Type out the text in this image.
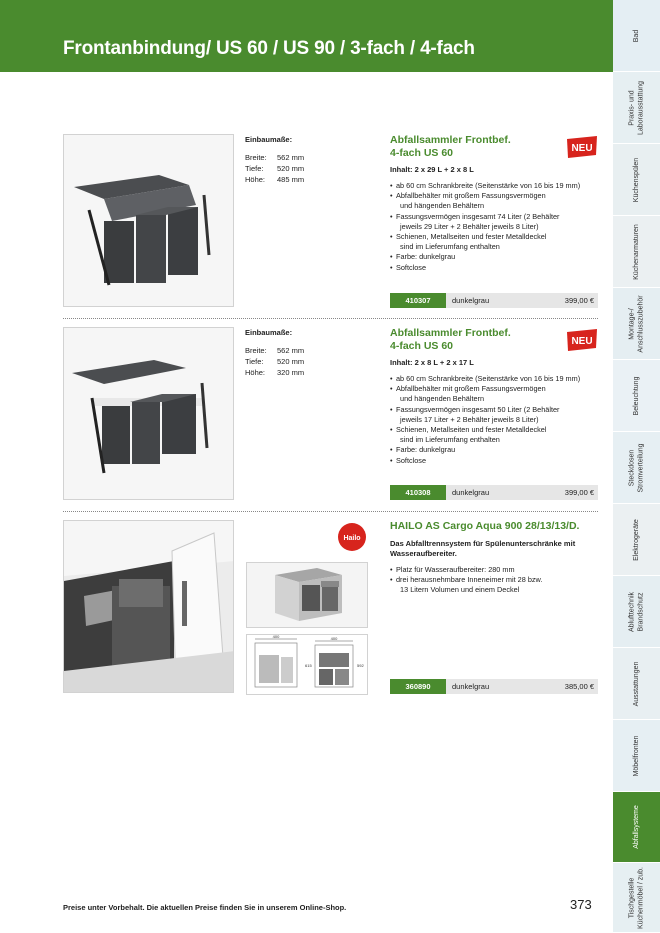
Frontanbindung/ US 60 / US 90 / 3-fach / 4-fach
Bad
Praxis- und
Laborausstattung
Küchenspülen
Küchenarmaturen
Montage-/
Anschlusszubehör
Beleuchtung
Steckdosen
Stromverteilung
Elektrogeräte
Ablufttechnik
Brandschutz
Ausstattungen
Möbelfronten
Abfallsysteme
Tischgestelle
Küchenmöbel / zub.
Einbaumaße:
Breite:	562 mm
Tiefe:	520 mm
Höhe:	485 mm
Abfallsammler Frontbef.
4-fach US 60
Inhalt: 2 x 29 L + 2 x 8 L
• ab 60 cm Schrankbreite (Seitenstärke von 16 bis 19 mm)
• Abfallbehälter mit großem Fassungsvermögen
und hängenden Behältern
• Fassungsvermögen insgesamt 74 Liter (2 Behälter
jeweils 29 Liter + 2 Behälter jeweils 8 Liter)
• Schienen, Metallseiten und fester Metalldeckel
sind im Lieferumfang enthalten
• Farbe: dunkelgrau
• Softclose
410307	dunkelgrau	399,00 €
NEU
Einbaumaße:
Breite:	562 mm
Tiefe:	520 mm
Höhe:	320 mm
Abfallsammler Frontbef.
4-fach US 60
Inhalt: 2 x 8 L + 2 x 17 L
• ab 60 cm Schrankbreite (Seitenstärke von 16 bis 19 mm)
• Abfallbehälter mit großem Fassungsvermögen
und hängenden Behältern
• Fassungsvermögen insgesamt 50 Liter (2 Behälter
jeweils 17 Liter + 2 Behälter jeweils 8 Liter)
• Schienen, Metallseiten und fester Metalldeckel
sind im Lieferumfang enthalten
• Farbe: dunkelgrau
• Softclose
410308	dunkelgrau	399,00 €
NEU
Hailo
400
615
400
592
HAILO AS Cargo Aqua 900 28/13/13/D.
Das Abfalltrennsystem für Spülenunterschränke mit
Wasseraufbereiter.
• Platz für Wasseraufbereiter: 280 mm
• drei herausnehmbare Inneneimer mit 28 bzw.
13 Litern Volumen und einem Deckel
360890	dunkelgrau	385,00 €
Preise unter Vorbehalt. Die aktuellen Preise finden Sie in unserem Online-Shop.	373
